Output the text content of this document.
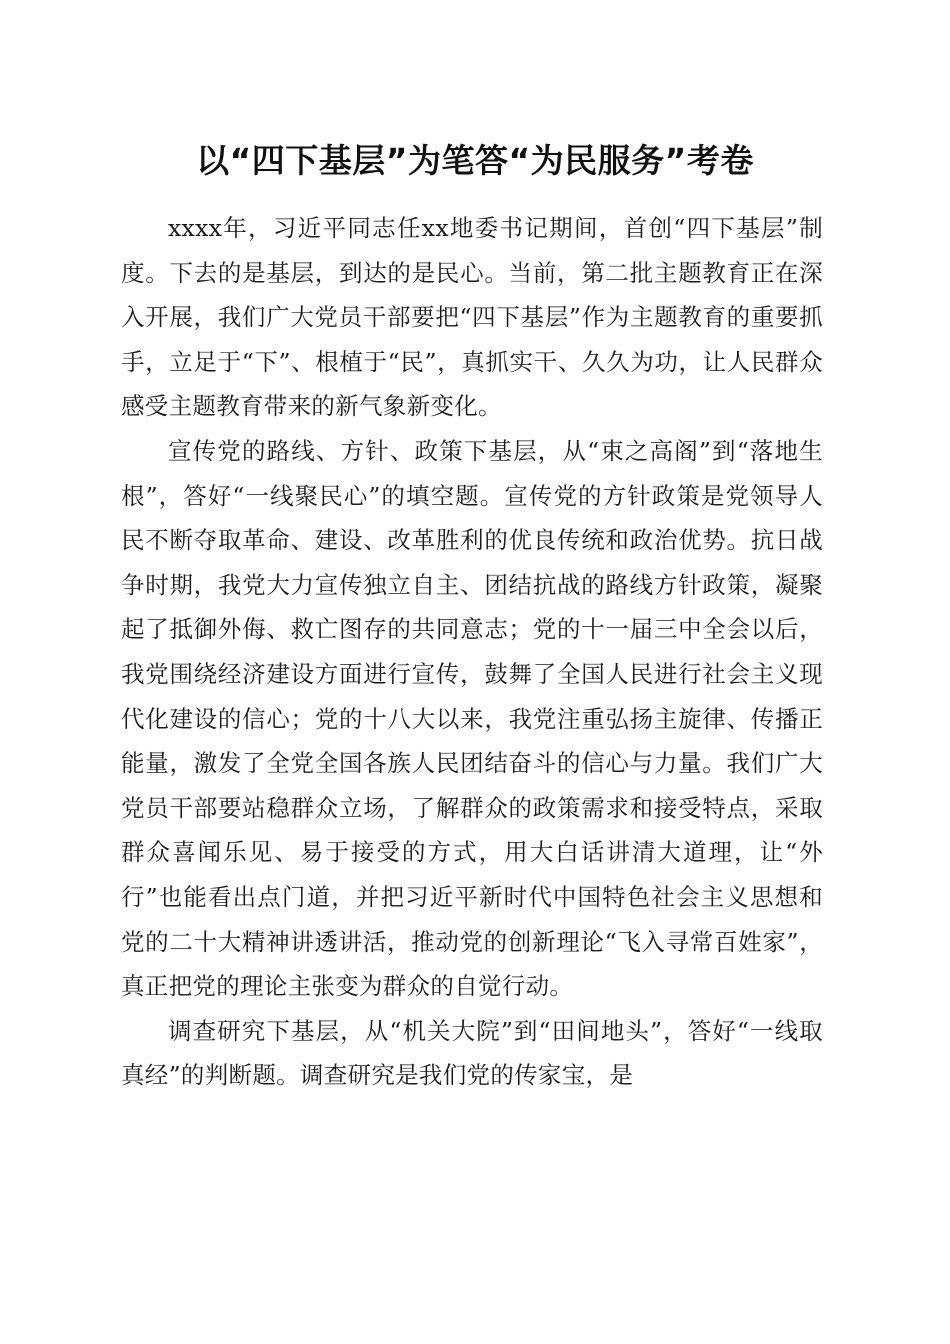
以“四下基层”为笔答“为民服务”考卷

xxxx年，习近平同志任xx地委书记期间，首创“四下基层”制度。下去的是基层，到达的是民心。当前，第二批主题教育正在深入开展，我们广大党员干部要把“四下基层”作为主题教育的重要抓手，立足于“下”、根植于“民”，真抓实干、久久为功，让人民群众感受主题教育带来的新气象新变化。

宣传党的路线、方针、政策下基层，从“束之高阁”到“落地生根”，答好“一线聚民心”的填空题。宣传党的方针政策是党领导人民不断夺取革命、建设、改革胜利的优良传统和政治优势。抗日战争时期，我党大力宣传独立自主、团结抗战的路线方针政策，凝聚起了抵御外侮、救亡图存的共同意志；党的十一届三中全会以后，我党围绕经济建设方面进行宣传，鼓舞了全国人民进行社会主义现代化建设的信心；党的十八大以来，我党注重弘扬主旋律、传播正能量，激发了全党全国各族人民团结奋斗的信心与力量。我们广大党员干部要站稳群众立场，了解群众的政策需求和接受特点，采取群众喜闻乐见、易于接受的方式，用大白话讲清大道理，让“外行”也能看出点门道，并把习近平新时代中国特色社会主义思想和党的二十大精神讲透讲活，推动党的创新理论“飞入寻常百姓家”，真正把党的理论主张变为群众的自觉行动。

调查研究下基层，从“机关大院”到“田间地头”，答好“一线取真经”的判断题。调查研究是我们党的传家宝，是
